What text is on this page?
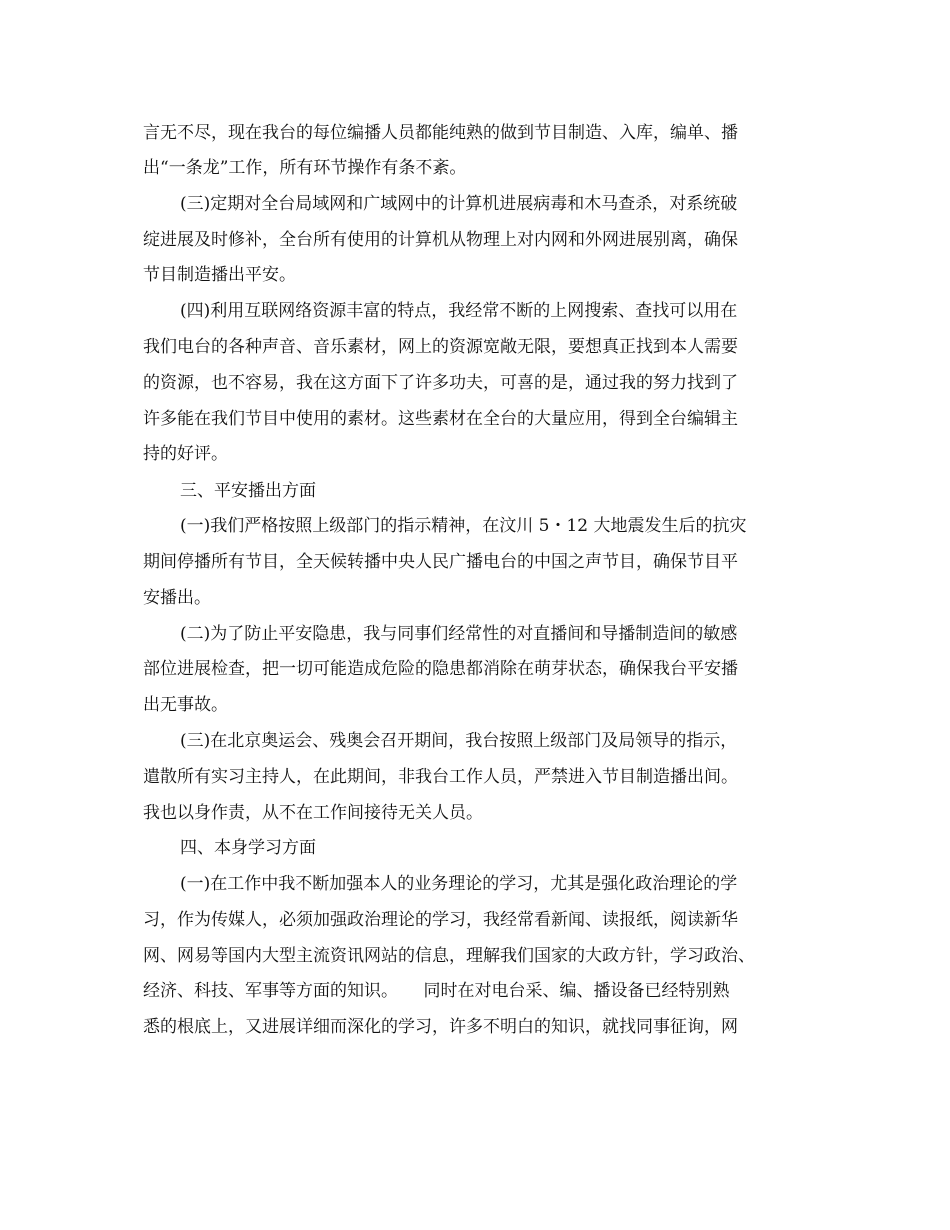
言无不尽，现在我台的每位编播人员都能纯熟的做到节目制造、入库，编单、播
出“一条龙”工作，所有环节操作有条不紊。
(三)定期对全台局域网和广域网中的计算机进展病毒和木马查杀，对系统破
绽进展及时修补，全台所有使用的计算机从物理上对内网和外网进展别离，确保
节目制造播出平安。
(四)利用互联网络资源丰富的特点，我经常不断的上网搜索、查找可以用在
我们电台的各种声音、音乐素材，网上的资源宽敞无限，要想真正找到本人需要
的资源，也不容易，我在这方面下了许多功夫，可喜的是，通过我的努力找到了
许多能在我们节目中使用的素材。这些素材在全台的大量应用，得到全台编辑主
持的好评。
三、平安播出方面
(一)我们严格按照上级部门的指示精神，在汶川 5・12 大地震发生后的抗灾
期间停播所有节目，全天候转播中央人民广播电台的中国之声节目，确保节目平
安播出。
(二)为了防止平安隐患，我与同事们经常性的对直播间和导播制造间的敏感
部位进展检查，把一切可能造成危险的隐患都消除在萌芽状态，确保我台平安播
出无事故。
(三)在北京奥运会、残奥会召开期间，我台按照上级部门及局领导的指示，
遣散所有实习主持人，在此期间，非我台工作人员，严禁进入节目制造播出间。
我也以身作责，从不在工作间接待无关人员。
四、本身学习方面
(一)在工作中我不断加强本人的业务理论的学习，尤其是强化政治理论的学
习，作为传媒人，必须加强政治理论的学习，我经常看新闻、读报纸，阅读新华
网、网易等国内大型主流资讯网站的信息，理解我们国家的大政方针，学习政治、
经济、科技、军事等方面的知识。　　同时在对电台采、编、播设备已经特别熟
悉的根底上，又进展详细而深化的学习，许多不明白的知识，就找同事征询，网
